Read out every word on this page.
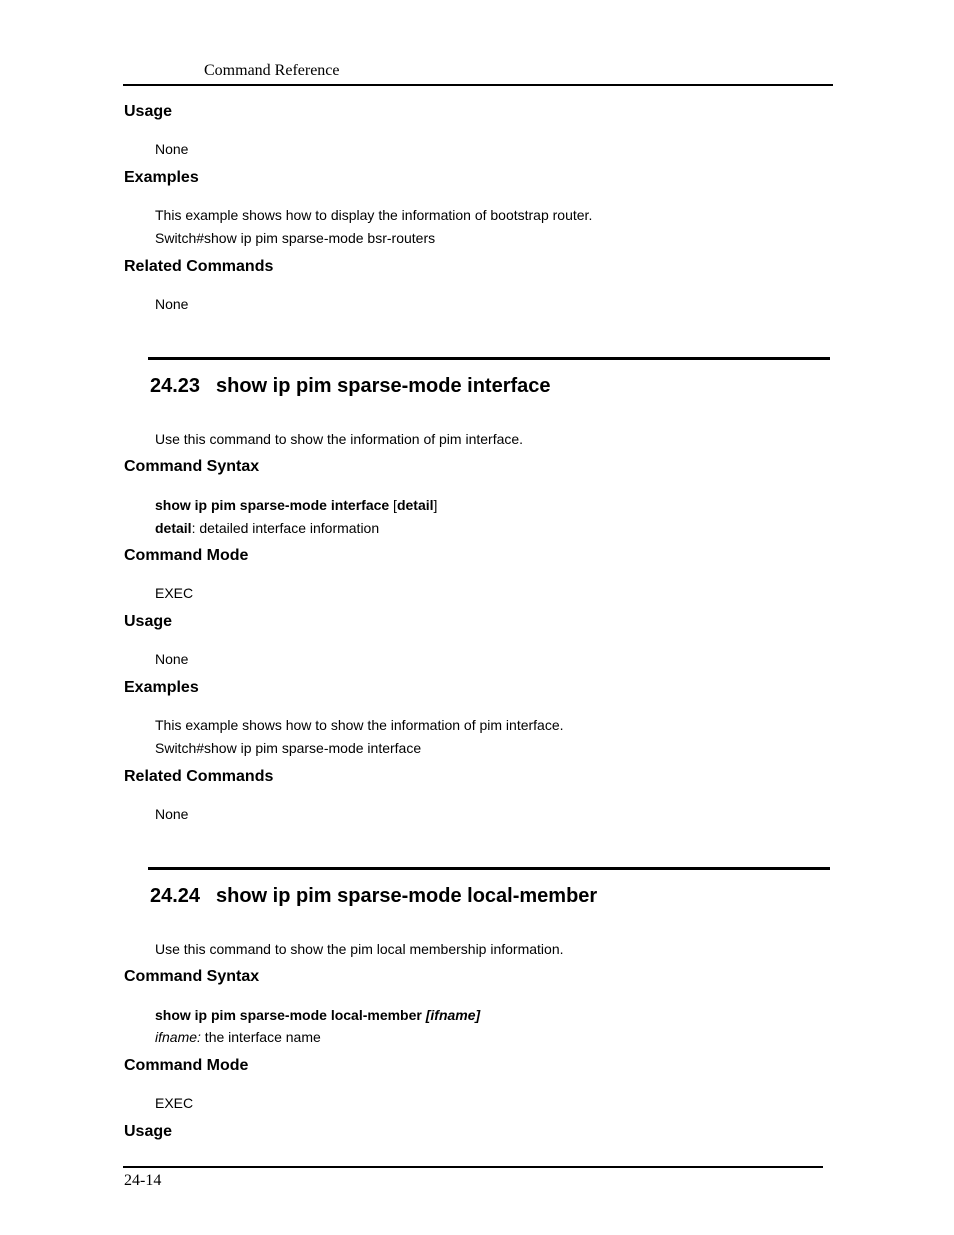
Command Reference
Usage
None
Examples
This example shows how to display the information of bootstrap router.
Switch#show ip pim sparse-mode bsr-routers
Related Commands
None
24.23 show ip pim sparse-mode interface
Use this command to show the information of pim interface.
Command Syntax
show ip pim sparse-mode interface [detail]
detail: detailed interface information
Command Mode
EXEC
Usage
None
Examples
This example shows how to show the information of pim interface.
Switch#show ip pim sparse-mode interface
Related Commands
None
24.24 show ip pim sparse-mode local-member
Use this command to show the pim local membership information.
Command Syntax
show ip pim sparse-mode local-member [ifname]
ifname: the interface name
Command Mode
EXEC
Usage
24-14
